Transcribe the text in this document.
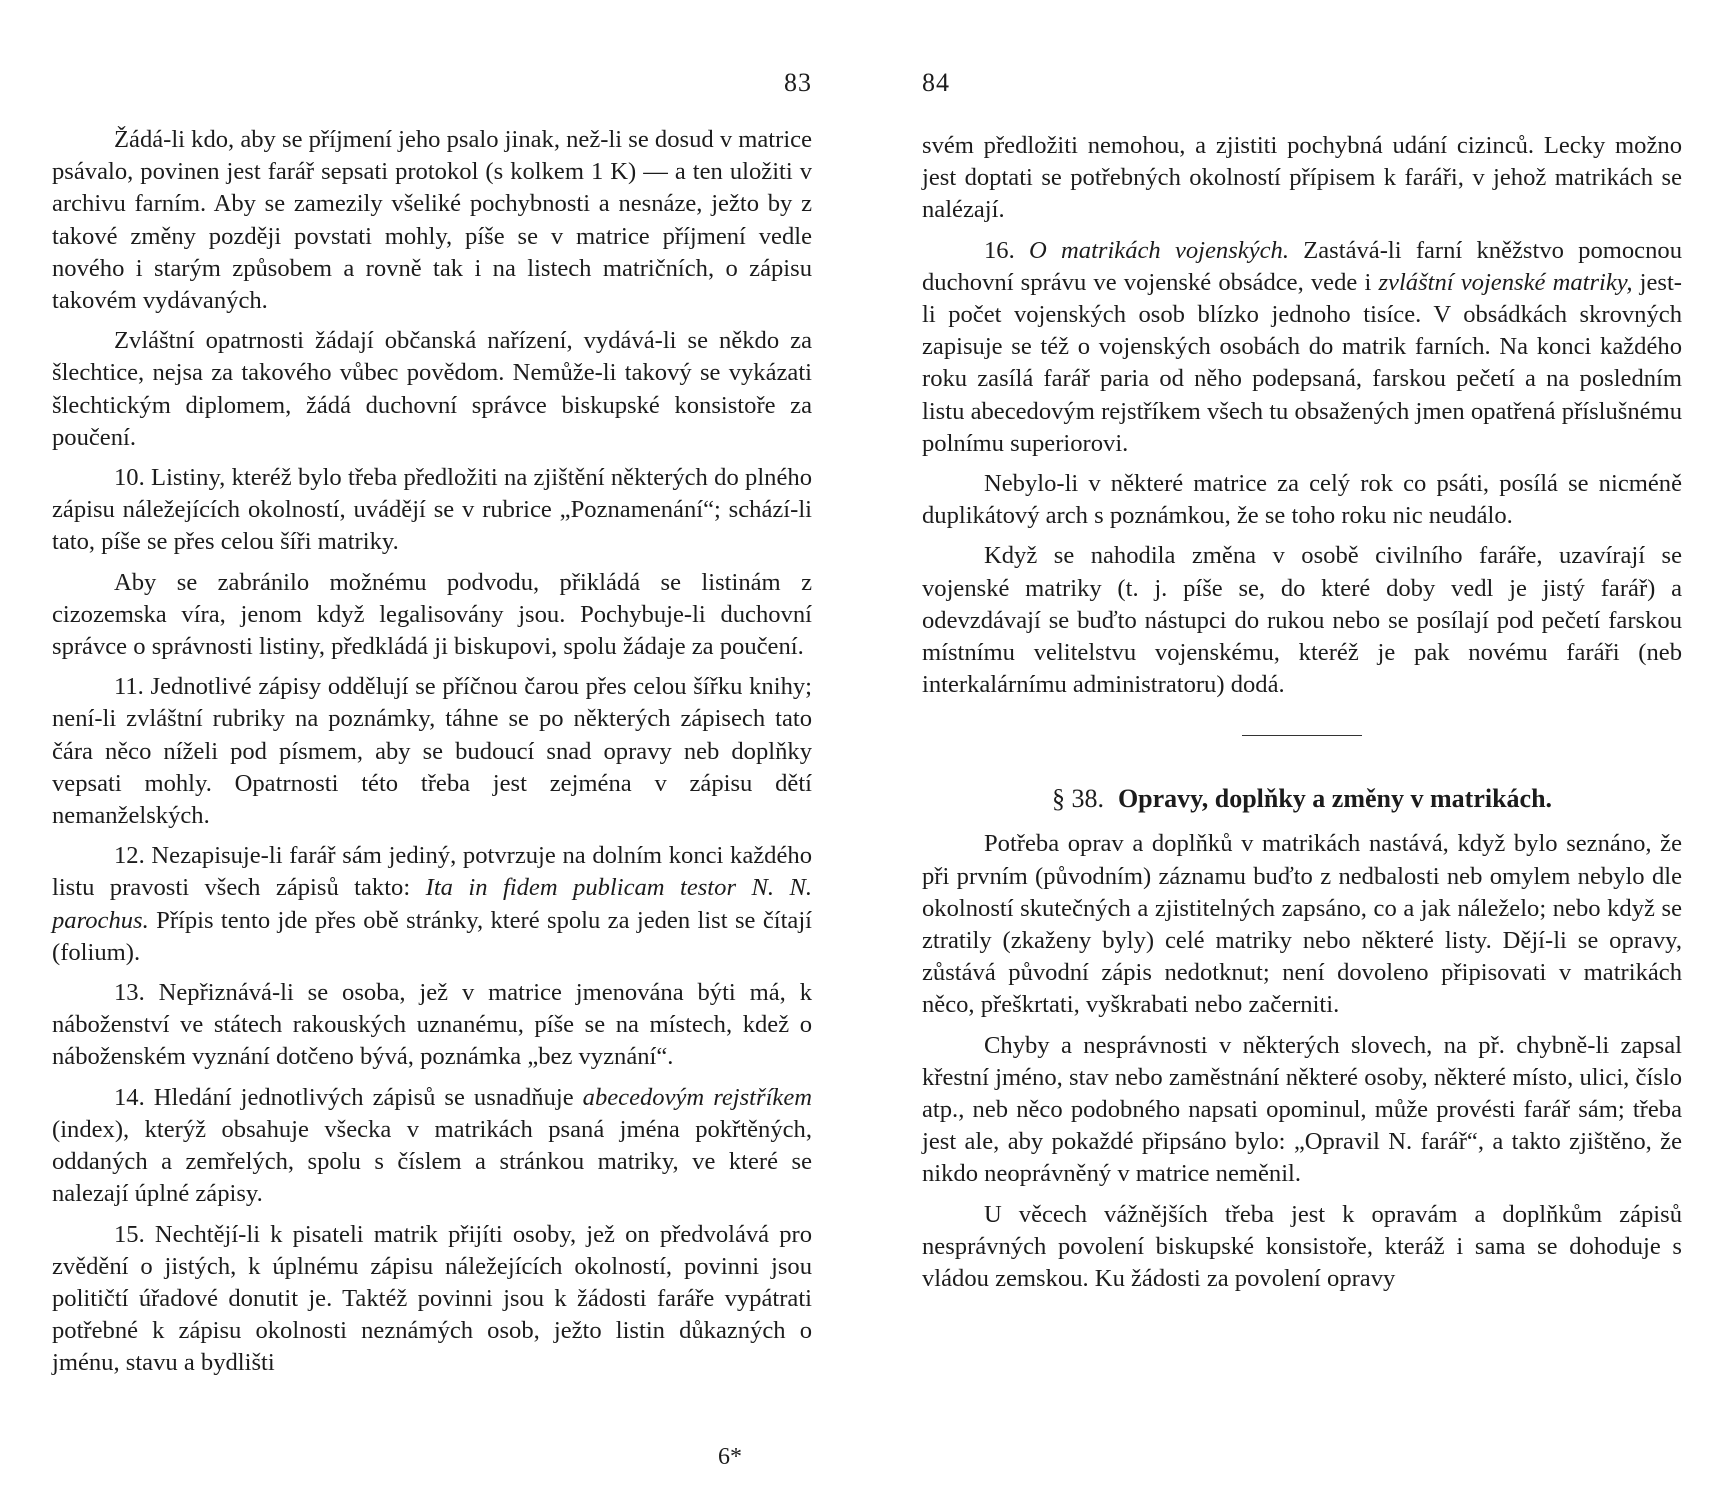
83

Žádá-li kdo, aby se příjmení jeho psalo jinak, než-li se dosud v matrice psávalo, povinen jest farář sepsati protokol (s kolkem 1 K) — a ten uložiti v archivu farním. Aby se zamezily všeliké pochybnosti a nesnáze, ježto by z takové změny později povstati mohly, píše se v matrice příjmení vedle nového i starým způsobem a rovně tak i na listech matričních, o zápisu takovém vydávaných.

Zvláštní opatrnosti žádají občanská nařízení, vydává-li se někdo za šlechtice, nejsa za takového vůbec povědom. Nemůže-li takový se vykázati šlechtickým diplomem, žádá duchovní správce biskupské konsistoře za poučení.

10. Listiny, kteréž bylo třeba předložiti na zjištění některých do plného zápisu náležejících okolností, uvádějí se v rubrice „Poznamenání“; schází-li tato, píše se přes celou šíři matriky.

Aby se zabránilo možnému podvodu, přikládá se listinám z cizozemska víra, jenom když legalisovány jsou. Pochybuje-li duchovní správce o správnosti listiny, předkládá ji biskupovi, spolu žádaje za poučení.

11. Jednotlivé zápisy oddělují se příčnou čarou přes celou šířku knihy; není-li zvláštní rubriky na poznámky, táhne se po některých zápisech tato čára něco níželi pod písmem, aby se budoucí snad opravy neb doplňky vepsati mohly. Opatrnosti této třeba jest zejména v zápisu dětí nemanželských.

12. Nezapisuje-li farář sám jediný, potvrzuje na dolním konci každého listu pravosti všech zápisů takto: Ita in fidem publicam testor N. N. parochus. Přípis tento jde přes obě stránky, které spolu za jeden list se čítají (folium).

13. Nepřiznává-li se osoba, jež v matrice jmenována býti má, k náboženství ve státech rakouských uznanému, píše se na místech, kdež o náboženském vyznání dotčeno bývá, poznámka „bez vyznání“.

14. Hledání jednotlivých zápisů se usnadňuje abecedovým rejstříkem (index), kterýž obsahuje všecka v matrikách psaná jména pokřtěných, oddaných a zemřelých, spolu s číslem a stránkou matriky, ve které se nalezají úplné zápisy.

15. Nechtějí-li k pisateli matrik přijíti osoby, jež on předvolává pro zvědění o jistých, k úplnému zápisu náležejících okolností, povinni jsou političtí úřadové donutit je. Taktéž povinni jsou k žádosti faráře vypátrati potřebné k zápisu okolnosti neznámých osob, ježto listin důkazných o jménu, stavu a bydlišti

6*
84

svém předložiti nemohou, a zjistiti pochybná udání cizinců. Lecky možno jest doptati se potřebných okolností přípisem k faráři, v jehož matrikách se nalézají.

16. O matrikách vojenských. Zastává-li farní kněžstvo pomocnou duchovní správu ve vojenské obsádce, vede i zvláštní vojenské matriky, jest-li počet vojenských osob blízko jednoho tisíce. V obsádkách skrovných zapisuje se též o vojenských osobách do matrik farních. Na konci každého roku zasílá farář paria od něho podepsaná, farskou pečetí a na posledním listu abecedovým rejstříkem všech tu obsažených jmen opatřená příslušnému polnímu superiorovi.

Nebylo-li v některé matrice za celý rok co psáti, posílá se nicméně duplikátový arch s poznámkou, že se toho roku nic neudálo.

Když se nahodila změna v osobě civilního faráře, uzavírají se vojenské matriky (t. j. píše se, do které doby vedl je jistý farář) a odevzdávají se buďto nástupci do rukou nebo se posílají pod pečetí farskou místnímu velitelstvu vojenskému, kteréž je pak novému faráři (neb interkalárnímu administratoru) dodá.

§ 38. Opravy, doplňky a změny v matrikách.

Potřeba oprav a doplňků v matrikách nastává, když bylo seznáno, že při prvním (původním) záznamu buďto z nedbalosti neb omylem nebylo dle okolností skutečných a zjistitelných zapsáno, co a jak náleželo; nebo když se ztratily (zkaženy byly) celé matriky nebo některé listy. Dějí-li se opravy, zůstává původní zápis nedotknut; není dovoleno připisovati v matrikách něco, přeškrtati, vyškrabati nebo začerniti.

Chyby a nesprávnosti v některých slovech, na př. chybně-li zapsal křestní jméno, stav nebo zaměstnání některé osoby, některé místo, ulici, číslo atp., neb něco podobného napsati opominul, může provésti farář sám; třeba jest ale, aby pokaždé připsáno bylo: „Opravil N. farář“, a takto zjištěno, že nikdo neoprávněný v matrice neměnil.

U věcech vážnějších třeba jest k opravám a doplňkům zápisů nesprávných povolení biskupské konsistoře, kteráž i sama se dohoduje s vládou zemskou. Ku žádosti za povolení opravy
